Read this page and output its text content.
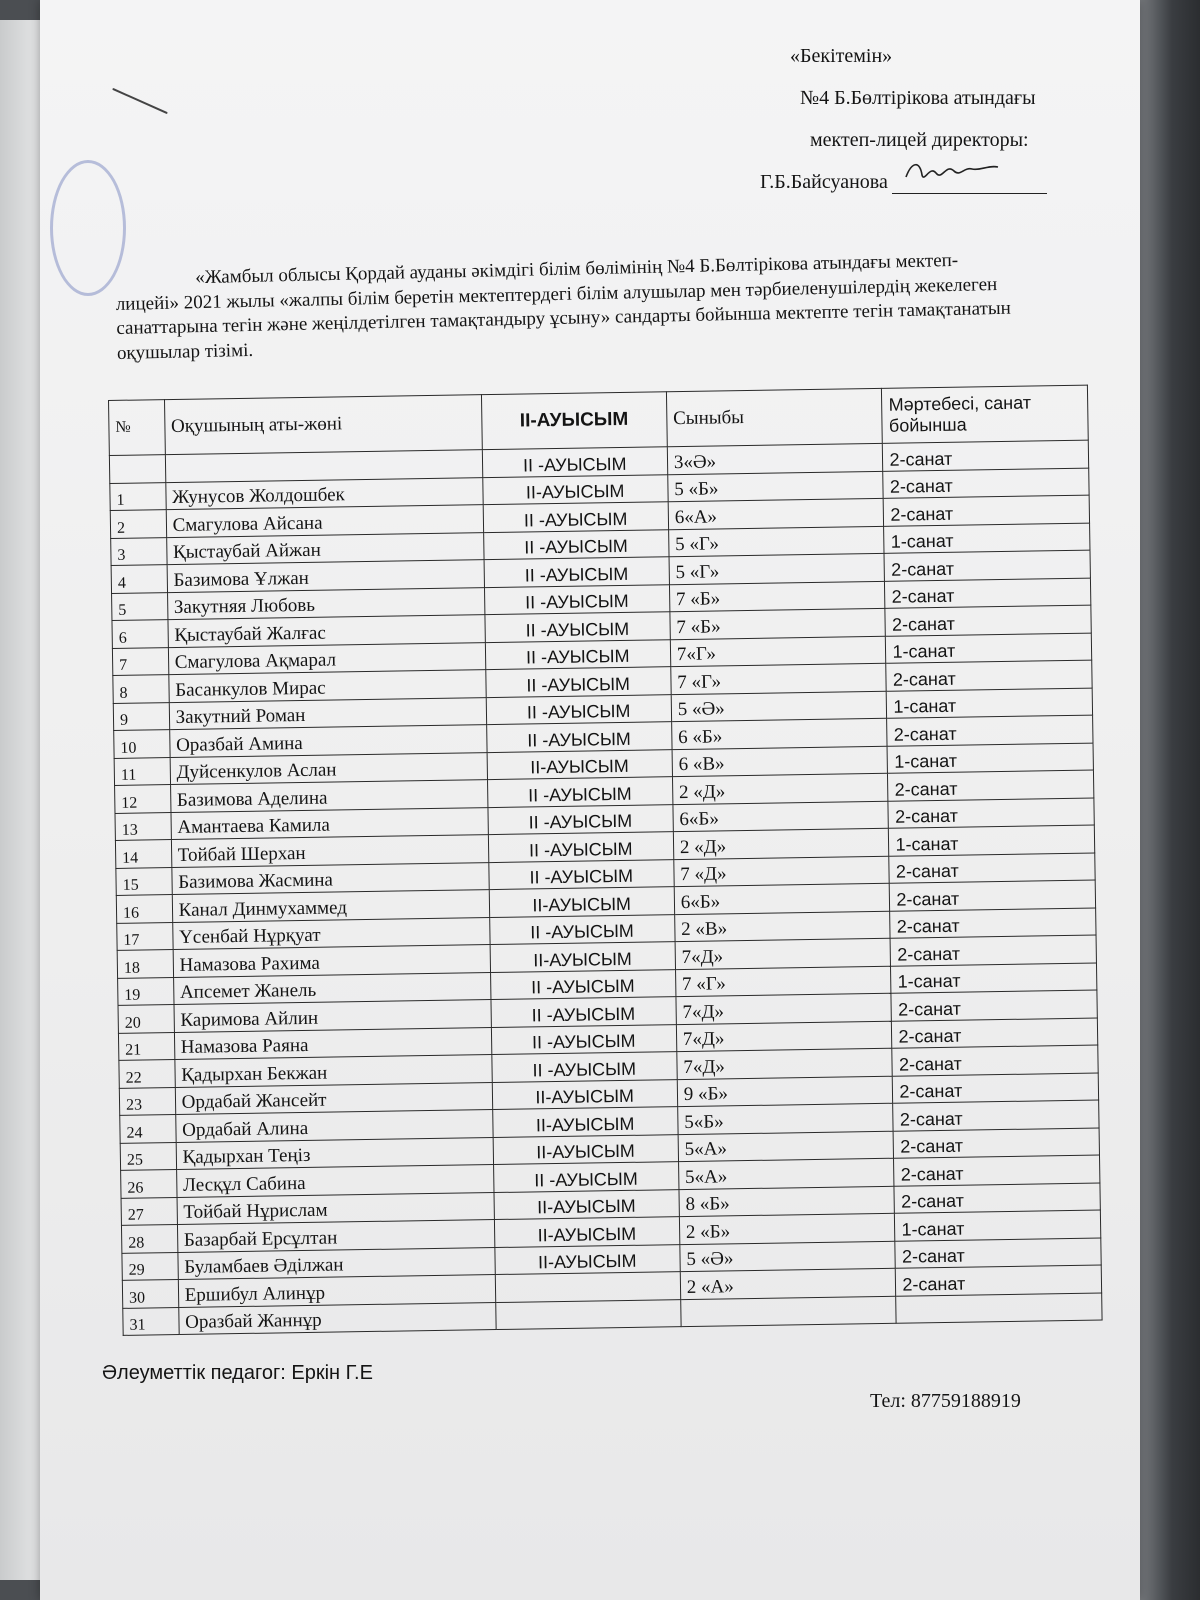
«Бекітемін»
№4 Б.Бөлтірікова атындағы
мектеп-лицей директоры:
Г.Б.Байсуанова

«Жамбыл облысы Қордай ауданы әкімдігі білім бөлімінің №4 Б.Бөлтірікова атындағы мектеп-лицейі» 2021 жылы «жалпы білім беретін мектептердегі білім алушылар мен тәрбиеленушілердің жекелеген санаттарына тегін және жеңілдетілген тамақтандыру ұсыну» сандарты бойынша мектепте тегін тамақтанатын оқушылар тізімі.

№	Оқушының аты-жөні	II-АУЫСЫМ	Сыныбы	Мәртебесі, санат бойынша
		II -АУЫСЫМ	3«Ә»	2-санат
1	Жунусов Жолдошбек	II-АУЫСЫМ	5 «Б»	2-санат
2	Смагулова Айсана	II -АУЫСЫМ	6«А»	2-санат
3	Қыстаубай Айжан	II -АУЫСЫМ	5 «Г»	1-санат
4	Базимова Ұлжан	II -АУЫСЫМ	5 «Г»	2-санат
5	Закутняя Любовь	II -АУЫСЫМ	7 «Б»	2-санат
6	Қыстаубай Жалғас	II -АУЫСЫМ	7 «Б»	2-санат
7	Смагулова Ақмарал	II -АУЫСЫМ	7«Г»	1-санат
8	Басанкулов Мирас	II -АУЫСЫМ	7 «Г»	2-санат
9	Закутний Роман	II -АУЫСЫМ	5 «Ә»	1-санат
10	Оразбай Амина	II -АУЫСЫМ	6 «Б»	2-санат
11	Дуйсенкулов Аслан	II-АУЫСЫМ	6 «В»	1-санат
12	Базимова Аделина	II -АУЫСЫМ	2 «Д»	2-санат
13	Амантаева Камила	II -АУЫСЫМ	6«Б»	2-санат
14	Тойбай Шерхан	II -АУЫСЫМ	2 «Д»	1-санат
15	Базимова Жасмина	II -АУЫСЫМ	7 «Д»	2-санат
16	Канал Динмухаммед	II-АУЫСЫМ	6«Б»	2-санат
17	Үсенбай Нұрқуат	II -АУЫСЫМ	2 «В»	2-санат
18	Намазова Рахима	II-АУЫСЫМ	7«Д»	2-санат
19	Апсемет Жанель	II -АУЫСЫМ	7 «Г»	1-санат
20	Каримова Айлин	II -АУЫСЫМ	7«Д»	2-санат
21	Намазова Раяна	II -АУЫСЫМ	7«Д»	2-санат
22	Қадырхан Бекжан	II -АУЫСЫМ	7«Д»	2-санат
23	Ордабай Жансейт	II-АУЫСЫМ	9 «Б»	2-санат
24	Ордабай Алина	II-АУЫСЫМ	5«Б»	2-санат
25	Қадырхан Теңіз	II-АУЫСЫМ	5«А»	2-санат
26	Лесқұл Сабина	II -АУЫСЫМ	5«А»	2-санат
27	Тойбай Нұрислам	II-АУЫСЫМ	8 «Б»	2-санат
28	Базарбай Ерсұлтан	II-АУЫСЫМ	2 «Б»	1-санат
29	Буламбаев Әділжан	II-АУЫСЫМ	5 «Ә»	2-санат
30	Ершибул Алинұр		2 «А»	2-санат
31	Оразбай Жаннұр			
Әлеуметтік педагог: Еркін Г.Е
Тел: 87759188919
